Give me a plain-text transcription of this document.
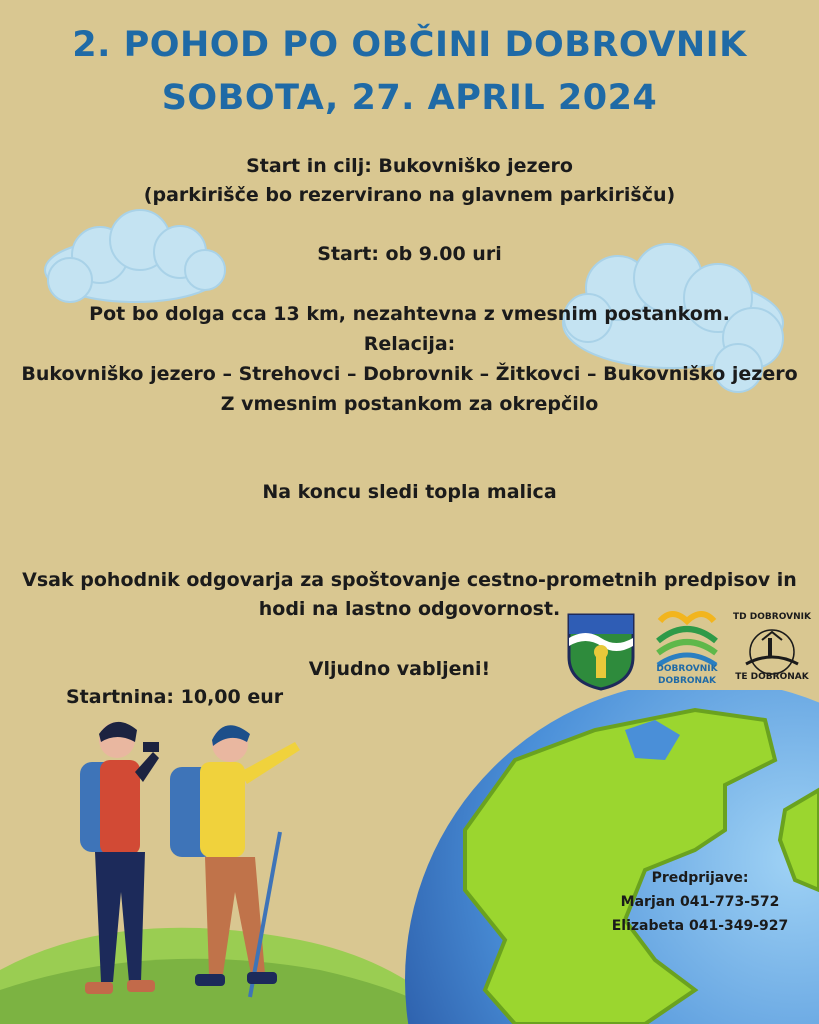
2. POHOD PO OBČINI DOBROVNIK
SOBOTA, 27. APRIL 2024
Start in cilj: Bukovniško jezero
(parkirišče bo rezervirano na glavnem parkirišču)
Start: ob 9.00 uri
Pot bo dolga cca 13 km, nezahtevna z vmesnim postankom.
Relacija:
Bukovniško jezero – Strehovci – Dobrovnik – Žitkovci – Bukovniško jezero
Z vmesnim postankom za okrepčilo
Na koncu sledi topla malica
Vsak pohodnik odgovarja za spoštovanje cestno-prometnih predpisov in
hodi na lastno odgovornost.
Vljudno vabljeni!
Startnina: 10,00 eur
DOBROVNIK
DOBRONAK
TD DOBROVNIK
TE DOBRONAK
Predprijave:
Marjan 041-773-572
Elizabeta 041-349-927
